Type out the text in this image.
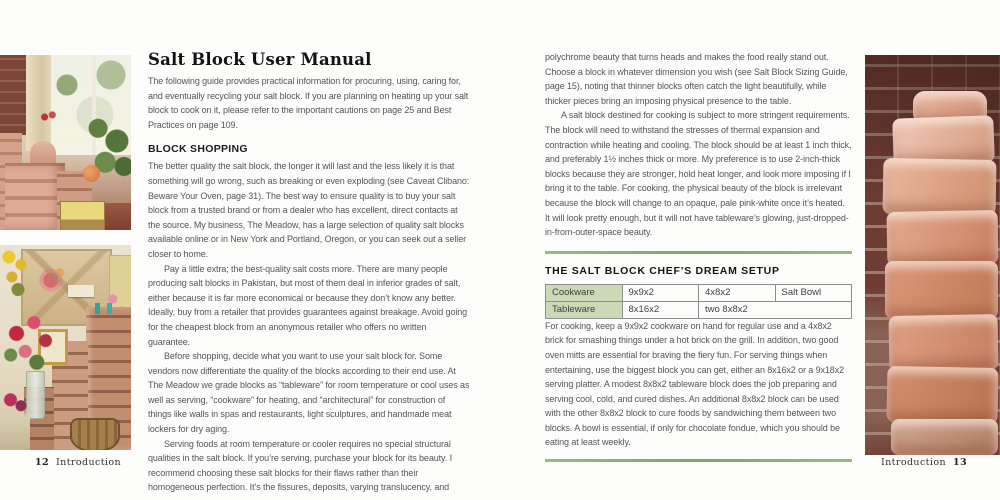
Salt Block User Manual

The following guide provides practical information for procuring, using, caring for, and eventually recycling your salt block. If you are planning on heating up your salt block to cook on it, please refer to the important cautions on page 25 and Best Practices on page 109.

BLOCK SHOPPING

The better quality the salt block, the longer it will last and the less likely it is that something will go wrong, such as breaking or even exploding (see Caveat Clibano: Beware Your Oven, page 31). The best way to ensure quality is to buy your salt block from a trusted brand or from a dealer who has excellent, direct contacts at the source. My business, The Meadow, has a large selection of quality salt blocks available online or in New York and Portland, Oregon, or you can seek out a seller closer to home.

Pay a little extra; the best-quality salt costs more. There are many people producing salt blocks in Pakistan, but most of them deal in inferior grades of salt, either because it is far more economical or because they don’t know any better. Ideally, buy from a retailer that provides guarantees against breakage. Avoid going for the cheapest block from an anonymous retailer who offers no written guarantee.

Before shopping, decide what you want to use your salt block for. Some vendors now differentiate the quality of the blocks according to their end use. At The Meadow we grade blocks as “tableware” for room temperature or cool uses as well as serving, “cookware” for heating, and “architectural” for construction of things like walls in spas and restaurants, light sculptures, and handmade meat lockers for dry aging.

Serving foods at room temperature or cooler requires no special structural qualities in the salt block. If you’re serving, purchase your block for its beauty. I recommend choosing these salt blocks for their flaws rather than their homogeneous perfection. It’s the fissures, deposits, varying translucency, and

12 Introduction

polychrome beauty that turns heads and makes the food really stand out. Choose a block in whatever dimension you wish (see Salt Block Sizing Guide, page 15), noting that thinner blocks often catch the light beautifully, while thicker pieces bring an imposing physical presence to the table.

A salt block destined for cooking is subject to more stringent requirements. The block will need to withstand the stresses of thermal expansion and contraction while heating and cooling. The block should be at least 1 inch thick, and preferably 1½ inches thick or more. My preference is to use 2-inch-thick blocks because they are stronger, hold heat longer, and look more imposing if I bring it to the table. For cooking, the physical beauty of the block is irrelevant because the block will change to an opaque, pale pink-white once it’s heated. It will look pretty enough, but it will not have tableware’s glowing, just-dropped-in-from-outer-space beauty.

THE SALT BLOCK CHEF’S DREAM SETUP
Cookware	9x9x2	4x8x2	Salt Bowl
Tableware	8x16x2	two 8x8x2	

For cooking, keep a 9x9x2 cookware on hand for regular use and a 4x8x2 brick for smashing things under a hot brick on the grill. In addition, two good oven mitts are essential for braving the fiery fun. For serving things when entertaining, use the biggest block you can get, either an 8x16x2 or a 9x18x2 serving platter. A modest 8x8x2 tableware block does the job preparing and serving cool, cold, and cured dishes. An additional 8x8x2 block can be used with the other 8x8x2 block to cure foods by sandwiching them between two blocks. A bowl is essential, if only for chocolate fondue, which you should be eating at least weekly.

Introduction 13
